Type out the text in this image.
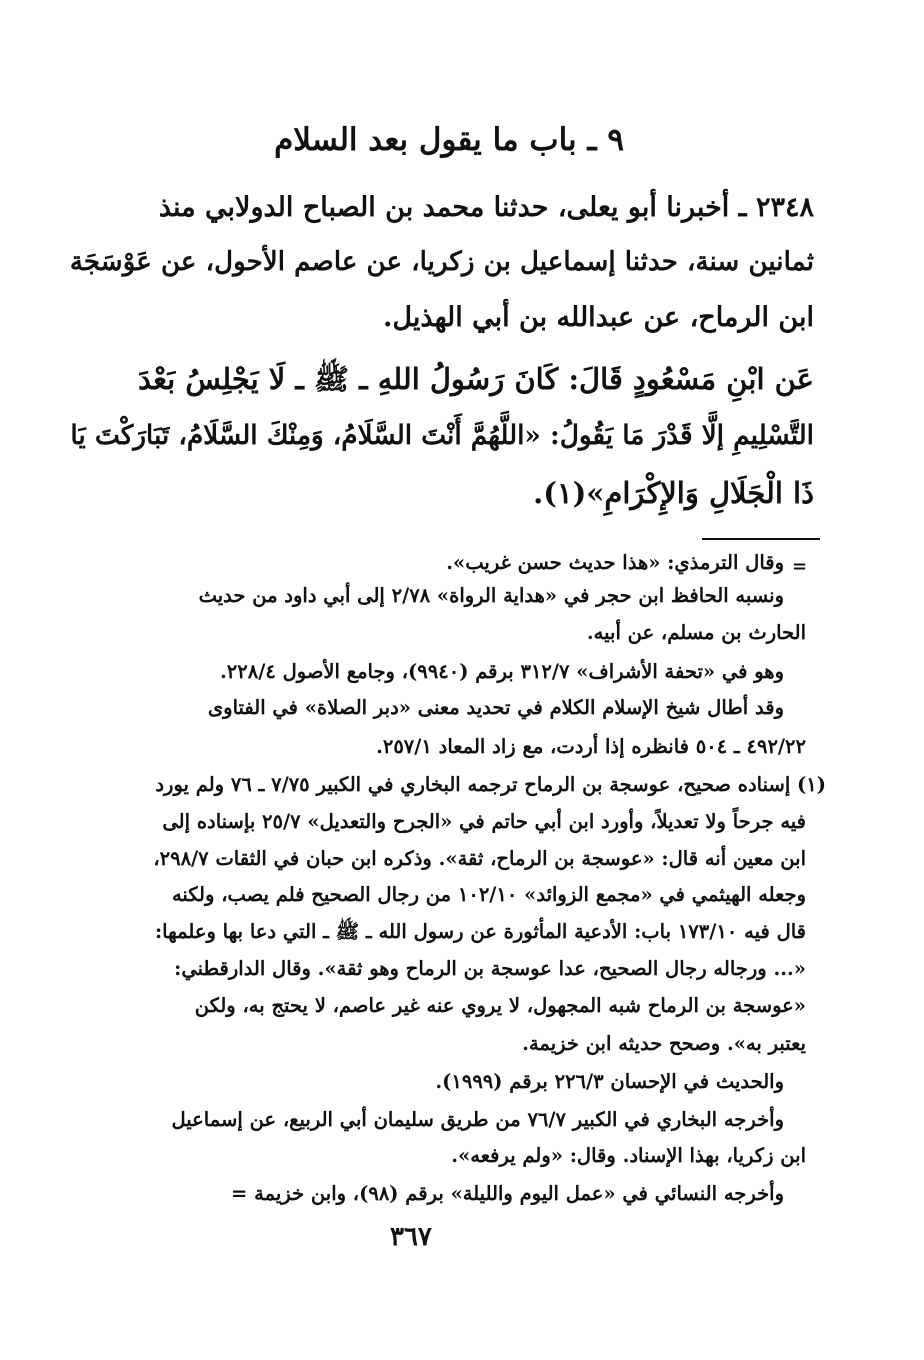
٩ ـ باب ما يقول بعد السلام
٢٣٤٨ ـ أخبرنا أبو يعلى، حدثنا محمد بن الصباح الدولابي منذ
ثمانين سنة، حدثنا إسماعيل بن زكريا، عن عاصم الأحول، عن عَوْسَجَة
ابن الرماح، عن عبدالله بن أبي الهذيل.
عَن ابْنِ مَسْعُودٍ قَالَ: كَانَ رَسُولُ اللهِ ـ ﷺ ـ لَا يَجْلِسُ بَعْدَ
التَّسْلِيمِ إلَّا قَدْرَ مَا يَقُولُ: «اللَّهُمَّ أَنْتَ السَّلَامُ، وَمِنْكَ السَّلَامُ، تَبَارَكْتَ يَا
ذَا الْجَلَالِ وَالإِكْرَامِ»(١).
=
وقال الترمذي: «هذا حديث حسن غريب».
ونسبه الحافظ ابن حجر في «هداية الرواة» ٢/٧٨ إلى أبي داود من حديث
الحارث بن مسلم، عن أبيه.
وهو في «تحفة الأشراف» ٣١٢/٧ برقم (٩٩٤٠)، وجامع الأصول ٢٢٨/٤.
وقد أطال شيخ الإسلام الكلام في تحديد معنى «دبر الصلاة» في الفتاوى
٤٩٢/٢٢ ـ ٥٠٤ فانظره إذا أردت، مع زاد المعاد ٢٥٧/١.
(١) إسناده صحيح، عوسجة بن الرماح ترجمه البخاري في الكبير ٧/٧٥ ـ ٧٦ ولم يورد
فيه جرحاً ولا تعديلاً، وأورد ابن أبي حاتم في «الجرح والتعديل» ٢٥/٧ بإسناده إلى
ابن معين أنه قال: «عوسجة بن الرماح، ثقة». وذكره ابن حبان في الثقات ٢٩٨/٧،
وجعله الهيثمي في «مجمع الزوائد» ١٠٢/١٠ من رجال الصحيح فلم يصب، ولكنه
قال فيه ١٧٣/١٠ باب: الأدعية المأثورة عن رسول الله ـ ﷺ ـ التي دعا بها وعلمها:
«... ورجاله رجال الصحيح، عدا عوسجة بن الرماح وهو ثقة». وقال الدارقطني:
«عوسجة بن الرماح شبه المجهول، لا يروي عنه غير عاصم، لا يحتج به، ولكن
يعتبر به». وصحح حديثه ابن خزيمة.
والحديث في الإحسان ٢٢٦/٣ برقم (١٩٩٩).
وأخرجه البخاري في الكبير ٧٦/٧ من طريق سليمان أبي الربيع، عن إسماعيل
ابن زكريا، بهذا الإسناد. وقال: «ولم يرفعه».
وأخرجه النسائي في «عمل اليوم والليلة» برقم (٩٨)، وابن خزيمة =
٣٦٧
